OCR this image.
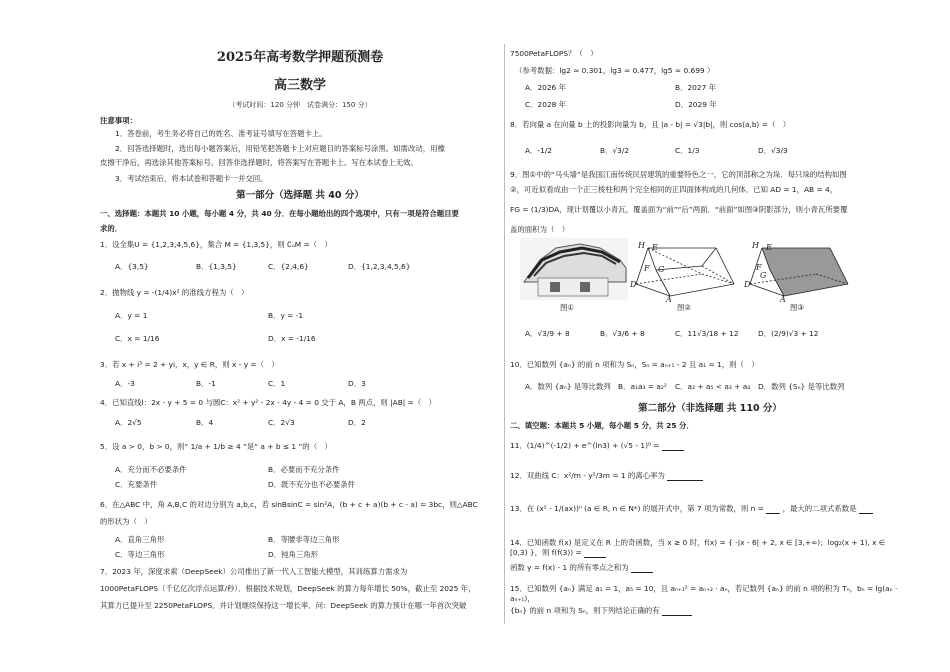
2025年高考数学押题预测卷
高三数学
（考试时间：120 分钟　试卷满分：150 分）
注意事项：
1．答卷前，考生务必将自己的姓名、准考证号填写在答题卡上。
2．回答选择题时，选出每小题答案后，用铅笔把答题卡上对应题目的答案标号涂黑。如需改动，用橡
皮擦干净后，再选涂其他答案标号。回答非选择题时，将答案写在答题卡上。写在本试卷上无效。
3．考试结束后，将本试卷和答题卡一并交回。
第一部分（选择题 共 40 分）
一、选择题：本题共 10 小题，每小题 4 分，共 40 分．在每小题给出的四个选项中，只有一项是符合题目要
求的．
1．设全集U = {1,2,3,4,5,6}，集合 M = {1,3,5}，则 ∁ᵤM =（　）
A．{3,5}	B．{1,3,5}	C．{2,4,6}	D．{1,2,3,4,5,6}
2．抛物线 y = -(1/4)x² 的准线方程为（　）
A．y = 1	B．y = -1
C．x = 1/16	D．x = -1/16
3．若 x + i³ = 2 + yi，x，y ∈ R，则 x - y =（　）
A．-3	B．-1	C．1	D．3
4．已知直线l：2x - y + 5 = 0 与圆C：x² + y² - 2x - 4y - 4 = 0 交于 A，B 两点，则 |AB| =（　）
A．2√5	B．4	C．2√3	D．2
5．设 a > 0，b > 0，则“ 1/a + 1/b ≥ 4 ”是“ a + b ≤ 1 ”的（　）
A．充分而不必要条件	B．必要而不充分条件
C．充要条件	D．既不充分也不必要条件
6．在△ABC 中，角 A,B,C 的对边分别为 a,b,c，若 sinBsinC = sin²A，(b + c + a)(b + c - a) = 3bc，则△ABC
的形状为（　）
A．直角三角形	B．等腰非等边三角形
C．等边三角形	D．钝角三角形
7．2023 年，深度求索（DeepSeek）公司推出了新一代人工智能大模型，其训练算力需求为
1000PetaFLOPS（千亿亿次浮点运算/秒）．根据技术规划，DeepSeek 的算力每年增长 50%，截止至 2025 年，
其算力已提升至 2250PetaFLOPS。并计划继续保持这一增长率．问：DeepSeek 的算力预计在哪一年首次突破
7500PetaFLOPS？（　）
（参考数据：lg2 ≈ 0.301，lg3 ≈ 0.477，lg5 ≈ 0.699 ）
A．2026 年	B．2027 年
C．2028 年	D．2029 年
8．若向量 a 在向量 b 上的投影向量为 b，且 |a - b| = √3|b|，则 cos⟨a,b⟩ =（　）
A．-1/2	B．√3/2	C．1/3	D．√3/3
9．图①中的“马头墙”是我国江南传统民居建筑的重要特色之一，它的顶部称之为垛．每只垛的结构如图
②，可近似看成由一个正三棱柱和两个完全相同的正四面体构成的几何体．已知 AD = 1，AB = 4，
FG = (1/3)DA，现计划覆以小青瓦，覆盖面为“前”“后”两面．“前面”如图③阴影部分，则小青瓦所要覆
盖的面积为（　）
图①
H E
F G
D
A
图②
H E
F
G
D
A
图③
A．√3/9 + 8	B．√3/6 + 8	C．11√3/18 + 12	D．(2/9)√3 + 12
10．已知数列 {aₙ} 的前 n 项和为 Sₙ，Sₙ = aₙ₊₁ - 2 且 a₁ = 1，则（　）
A．数列 {aₙ} 是等比数列 B．a₁a₃ = a₂² C．a₂ + a₅ < a₃ + a₄ D．数列 {Sₙ} 是等比数列
第二部分（非选择题 共 110 分）
二、填空题：本题共 5 小题，每小题 5 分，共 25 分．
11．(1/4)^(-1/2) + e^(ln3) + (√5 - 1)⁰ =
12．双曲线 C：x²/m - y²/3m = 1 的离心率为
13．在 (x² - 1/(ax))ⁿ (a ∈ R, n ∈ N*) 的展开式中，第 7 项为常数，则 n =	，最大的二项式系数是
14．已知函数 f(x) 是定义在 R 上的奇函数，当 x ≥ 0 时，f(x) = { -|x - 6| + 2, x ∈ [3,+∞)；log₂(x + 1), x ∈ [0,3) }，则 f(f(3)) =
函数 y = f(x) - 1 的所有零点之和为
15．已知数列 {aₙ} 满足 a₁ = 1，a₅ = 10，且 aₙ₊₁² = aₙ₊₂ · aₙ，若记数列 {aₙ} 的前 n 项的积为 Tₙ，bₙ = lg(aₙ · aₙ₊₁)，
{bₙ} 的前 n 项和为 Sₙ，则下列结论正确的有
